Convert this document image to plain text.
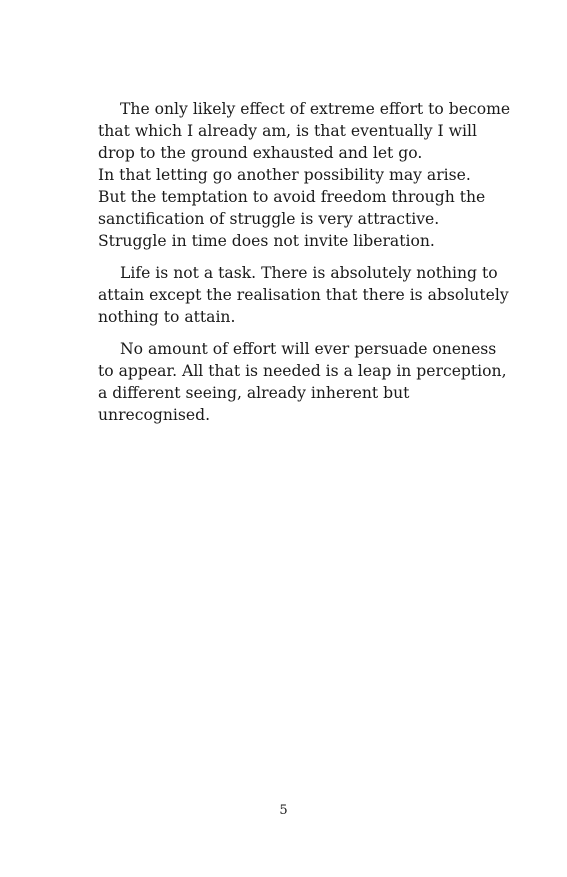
The only likely effect of extreme effort to become
that which I already am, is that eventually I will
drop to the ground exhausted and let go.
In that letting go another possibility may arise.
But the temptation to avoid freedom through the
sanctification of struggle is very attractive.
Struggle in time does not invite liberation.

Life is not a task. There is absolutely nothing to
attain except the realisation that there is absolutely
nothing to attain.

No amount of effort will ever persuade oneness
to appear. All that is needed is a leap in perception,
a different seeing, already inherent but
unrecognised.

5
